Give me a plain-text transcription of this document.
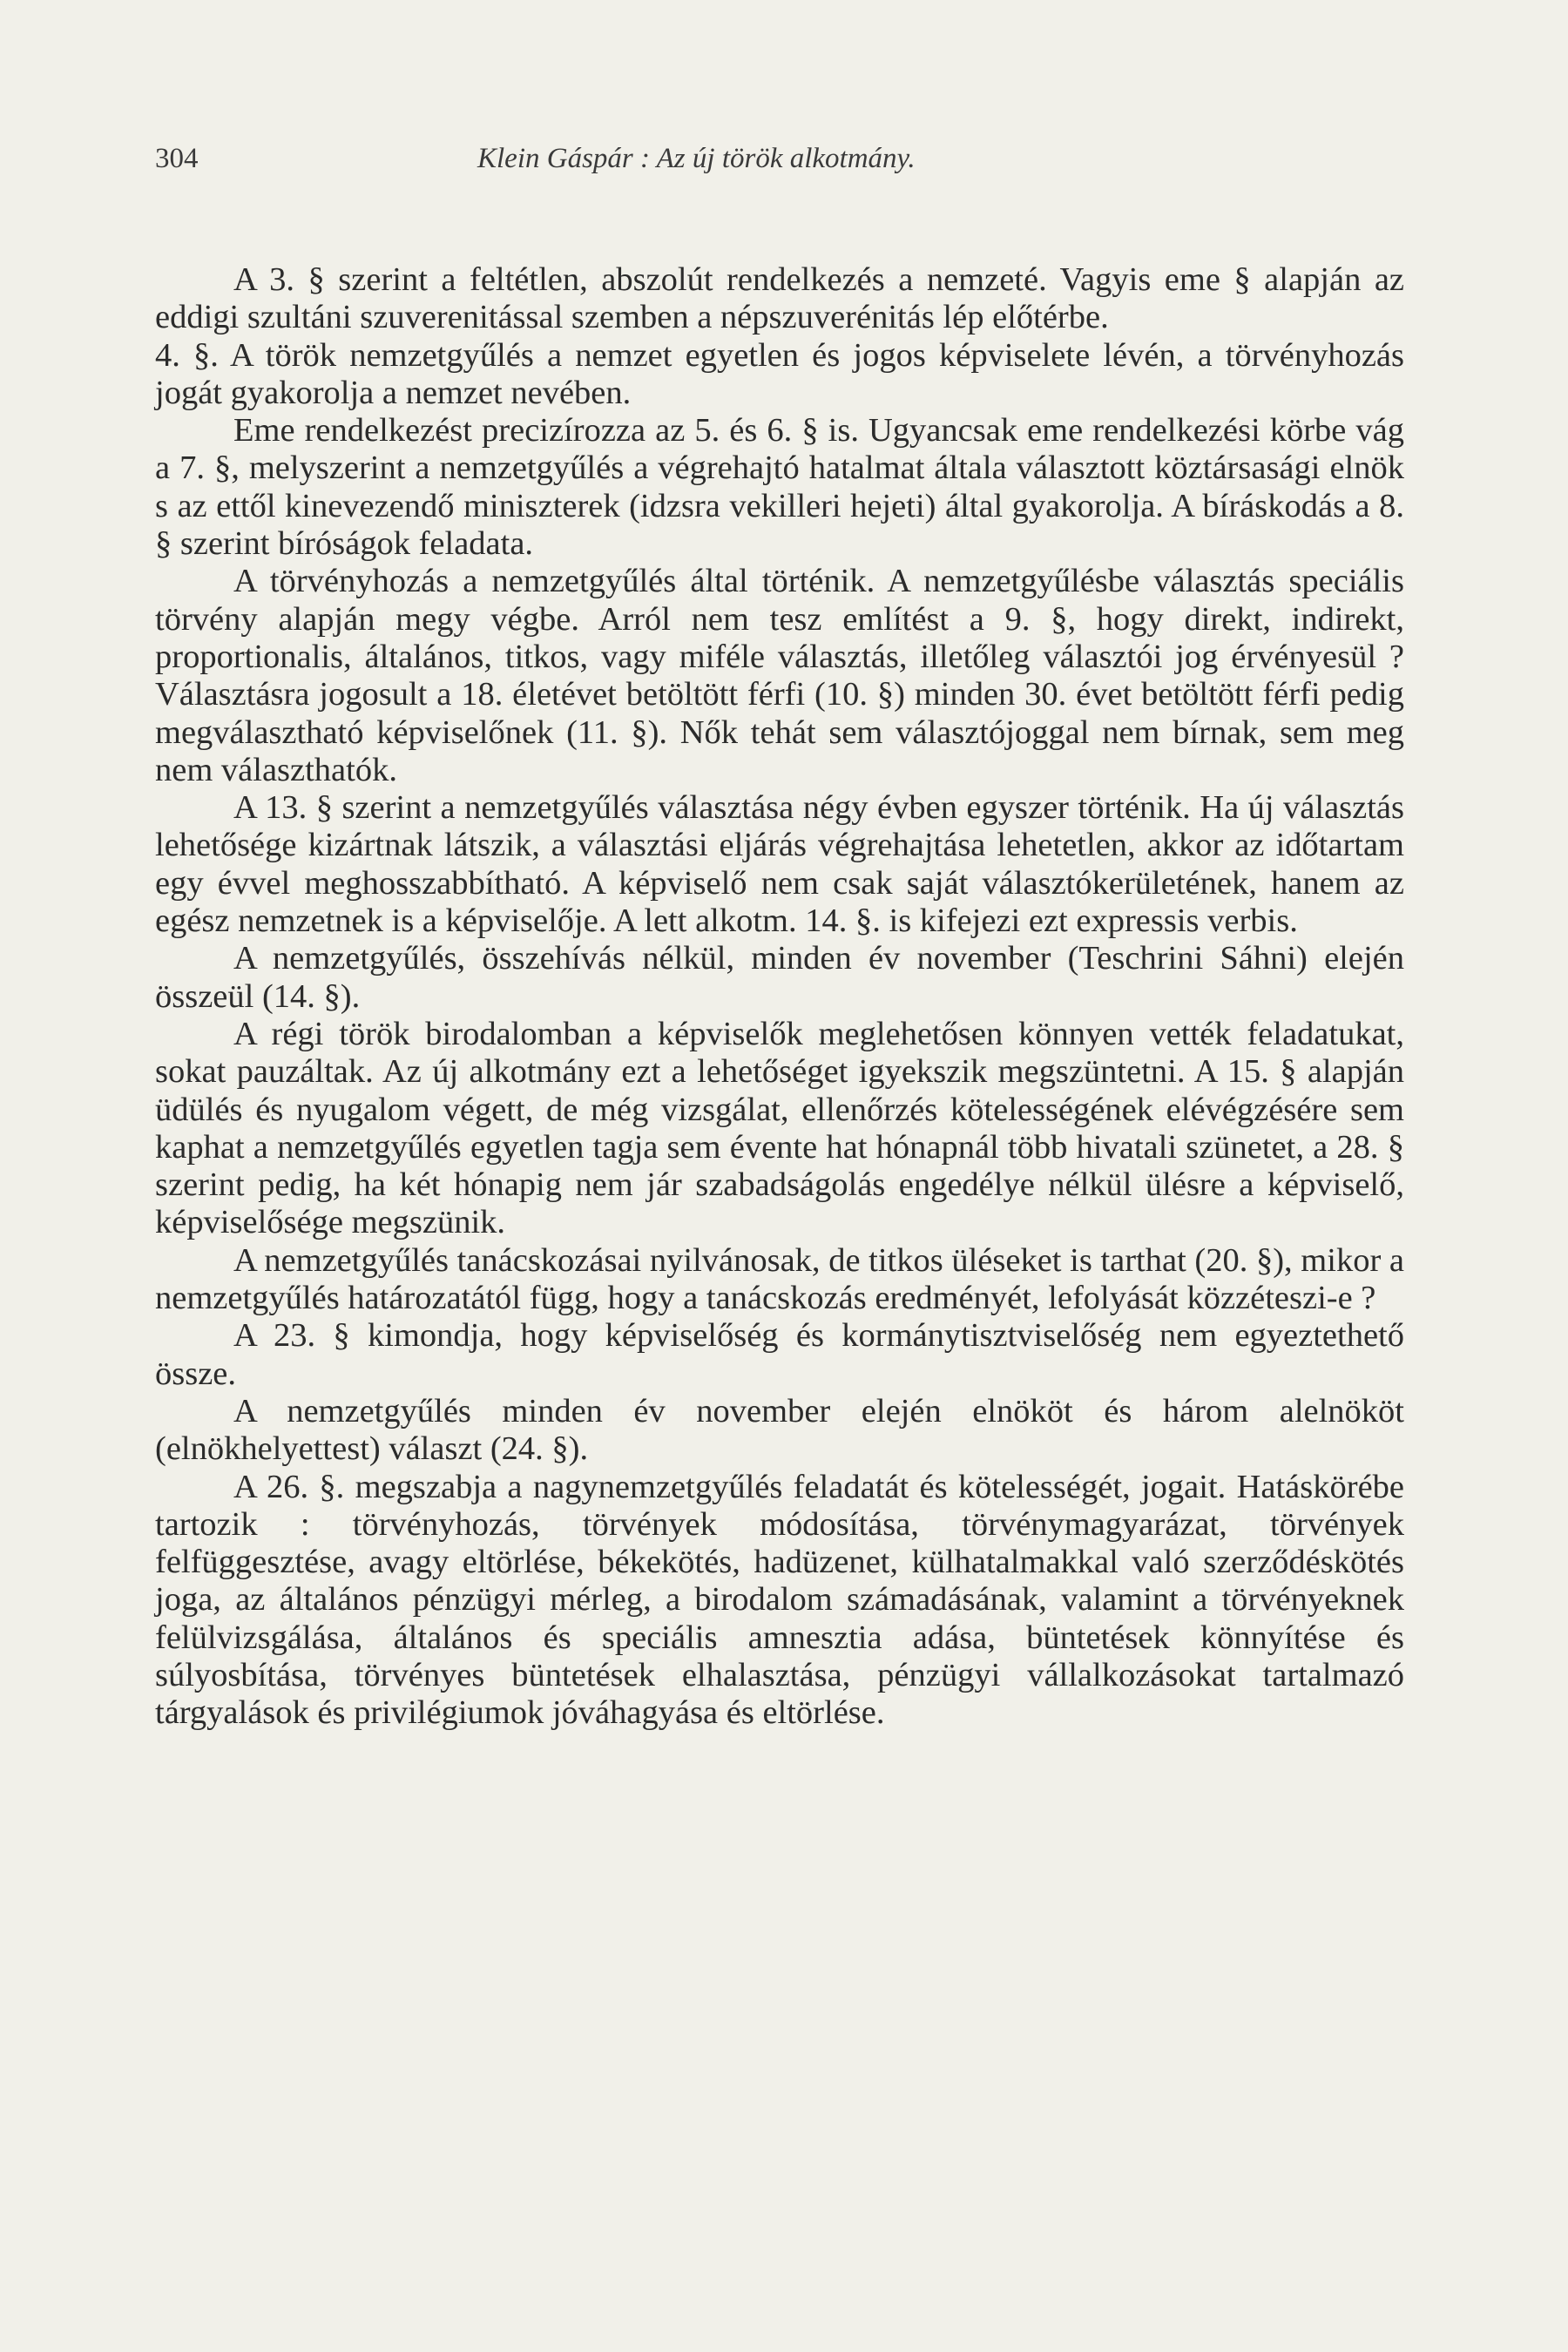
304	Klein Gáspár : Az új török alkotmány.

A 3. § szerint a feltétlen, abszolút rendelkezés a nemzeté. Vagyis eme § alapján az eddigi szultáni szuverenitással szemben a népszuverénitás lép előtérbe.

4. §. A török nemzetgyűlés a nemzet egyetlen és jogos képviselete lévén, a törvényhozás jogát gyakorolja a nemzet nevében.

Eme rendelkezést precizírozza az 5. és 6. § is. Ugyancsak eme rendelkezési körbe vág a 7. §, melyszerint a nemzetgyűlés a végrehajtó hatalmat általa választott köztársasági elnök s az ettől kinevezendő miniszterek (idzsra vekilleri hejeti) által gyakorolja. A bíráskodás a 8. § szerint bíróságok feladata.

A törvényhozás a nemzetgyűlés által történik. A nemzetgyűlésbe választás speciális törvény alapján megy végbe. Arról nem tesz említést a 9. §, hogy direkt, indirekt, proportionalis, általános, titkos, vagy miféle választás, illetőleg választói jog érvényesül ? Választásra jogosult a 18. életévet betöltött férfi (10. §) minden 30. évet betöltött férfi pedig megválasztható képviselőnek (11. §). Nők tehát sem választójoggal nem bírnak, sem meg nem választhatók.

A 13. § szerint a nemzetgyűlés választása négy évben egyszer történik. Ha új választás lehetősége kizártnak látszik, a választási eljárás végrehajtása lehetetlen, akkor az időtartam egy évvel meghosszabbítható. A képviselő nem csak saját választókerületének, hanem az egész nemzetnek is a képviselője. A lett alkotm. 14. §. is kifejezi ezt expressis verbis.

A nemzetgyűlés, összehívás nélkül, minden év november (Teschrini Sáhni) elején összeül (14. §).

A régi török birodalomban a képviselők meglehetősen könnyen vették feladatukat, sokat pauzáltak. Az új alkotmány ezt a lehetőséget igyekszik megszüntetni. A 15. § alapján üdülés és nyugalom végett, de még vizsgálat, ellenőrzés kötelességének elévégzésére sem kaphat a nemzetgyűlés egyetlen tagja sem évente hat hónapnál több hivatali szünetet, a 28. § szerint pedig, ha két hónapig nem jár szabadságolás engedélye nélkül ülésre a képviselő, képviselősége megszünik.

A nemzetgyűlés tanácskozásai nyilvánosak, de titkos üléseket is tarthat (20. §), mikor a nemzetgyűlés határozatától függ, hogy a tanácskozás eredményét, lefolyását közzéteszi-e ?

A 23. § kimondja, hogy képviselőség és kormánytisztviselőség nem egyeztethető össze.

A nemzetgyűlés minden év november elején elnököt és három alelnököt (elnökhelyettest) választ (24. §).

A 26. §. megszabja a nagynemzetgyűlés feladatát és kötelességét, jogait. Hatáskörébe tartozik : törvényhozás, törvények módosítása, törvénymagyarázat, törvények felfüggesztése, avagy eltörlése, békekötés, hadüzenet, külhatalmakkal való szerződéskötés joga, az általános pénzügyi mérleg, a birodalom számadásának, valamint a törvényeknek felülvizsgálása, általános és speciális amnesztia adása, büntetések könnyítése és súlyosbítása, törvényes büntetések elhalasztása, pénzügyi vállalkozásokat tartalmazó tárgyalások és privilégiumok jóváhagyása és eltörlése.
